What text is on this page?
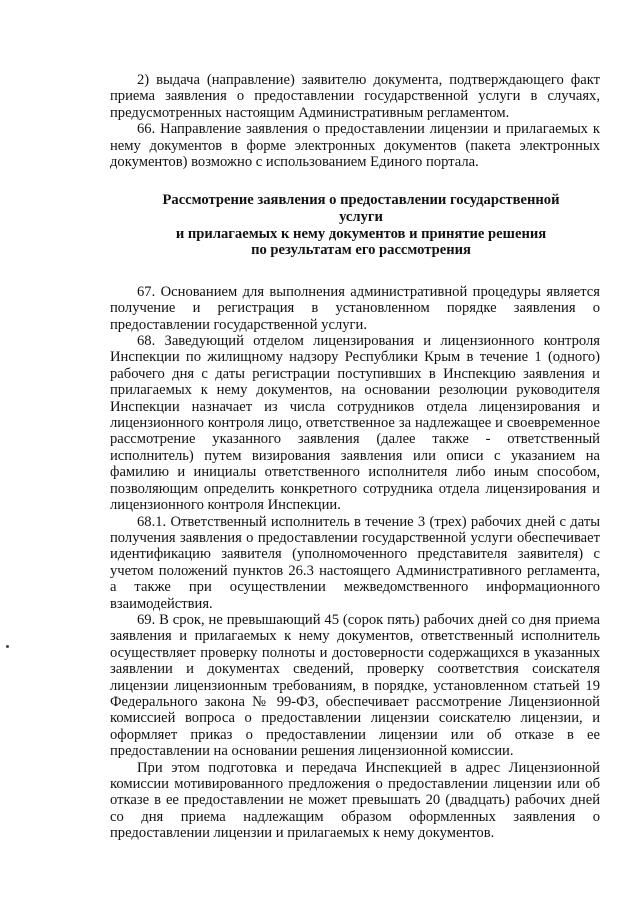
2) выдача (направление) заявителю документа, подтверждающего факт приема заявления о предоставлении государственной услуги в случаях, предусмотренных настоящим Административным регламентом.

66. Направление заявления о предоставлении лицензии и прилагаемых к нему документов в форме электронных документов (пакета электронных документов) возможно с использованием Единого портала.

Рассмотрение заявления о предоставлении государственной услуги
и прилагаемых к нему документов и принятие решения
по результатам его рассмотрения

67. Основанием для выполнения административной процедуры является получение и регистрация в установленном порядке заявления о предоставлении государственной услуги.

68. Заведующий отделом лицензирования и лицензионного контроля Инспекции по жилищному надзору Республики Крым в течение 1 (одного) рабочего дня с даты регистрации поступивших в Инспекцию заявления и прилагаемых к нему документов, на основании резолюции руководителя Инспекции назначает из числа сотрудников отдела лицензирования и лицензионного контроля лицо, ответственное за надлежащее и своевременное рассмотрение указанного заявления (далее также - ответственный исполнитель) путем визирования заявления или описи с указанием на фамилию и инициалы ответственного исполнителя либо иным способом, позволяющим определить конкретного сотрудника отдела лицензирования и лицензионного контроля Инспекции.

68.1. Ответственный исполнитель в течение 3 (трех) рабочих дней с даты получения заявления о предоставлении государственной услуги обеспечивает идентификацию заявителя (уполномоченного представителя заявителя) с учетом положений пунктов 26.3 настоящего Административного регламента, а также при осуществлении межведомственного информационного взаимодействия.

69. В срок, не превышающий 45 (сорок пять) рабочих дней со дня приема заявления и прилагаемых к нему документов, ответственный исполнитель осуществляет проверку полноты и достоверности содержащихся в указанных заявлении и документах сведений, проверку соответствия соискателя лицензии лицензионным требованиям, в порядке, установленном статьей 19 Федерального закона № 99-ФЗ, обеспечивает рассмотрение Лицензионной комиссией вопроса о предоставлении лицензии соискателю лицензии, и оформляет приказ о предоставлении лицензии или об отказе в ее предоставлении на основании решения лицензионной комиссии.

При этом подготовка и передача Инспекцией в адрес Лицензионной комиссии мотивированного предложения о предоставлении лицензии или об отказе в ее предоставлении не может превышать 20 (двадцать) рабочих дней со дня приема надлежащим образом оформленных заявления о предоставлении лицензии и прилагаемых к нему документов.
